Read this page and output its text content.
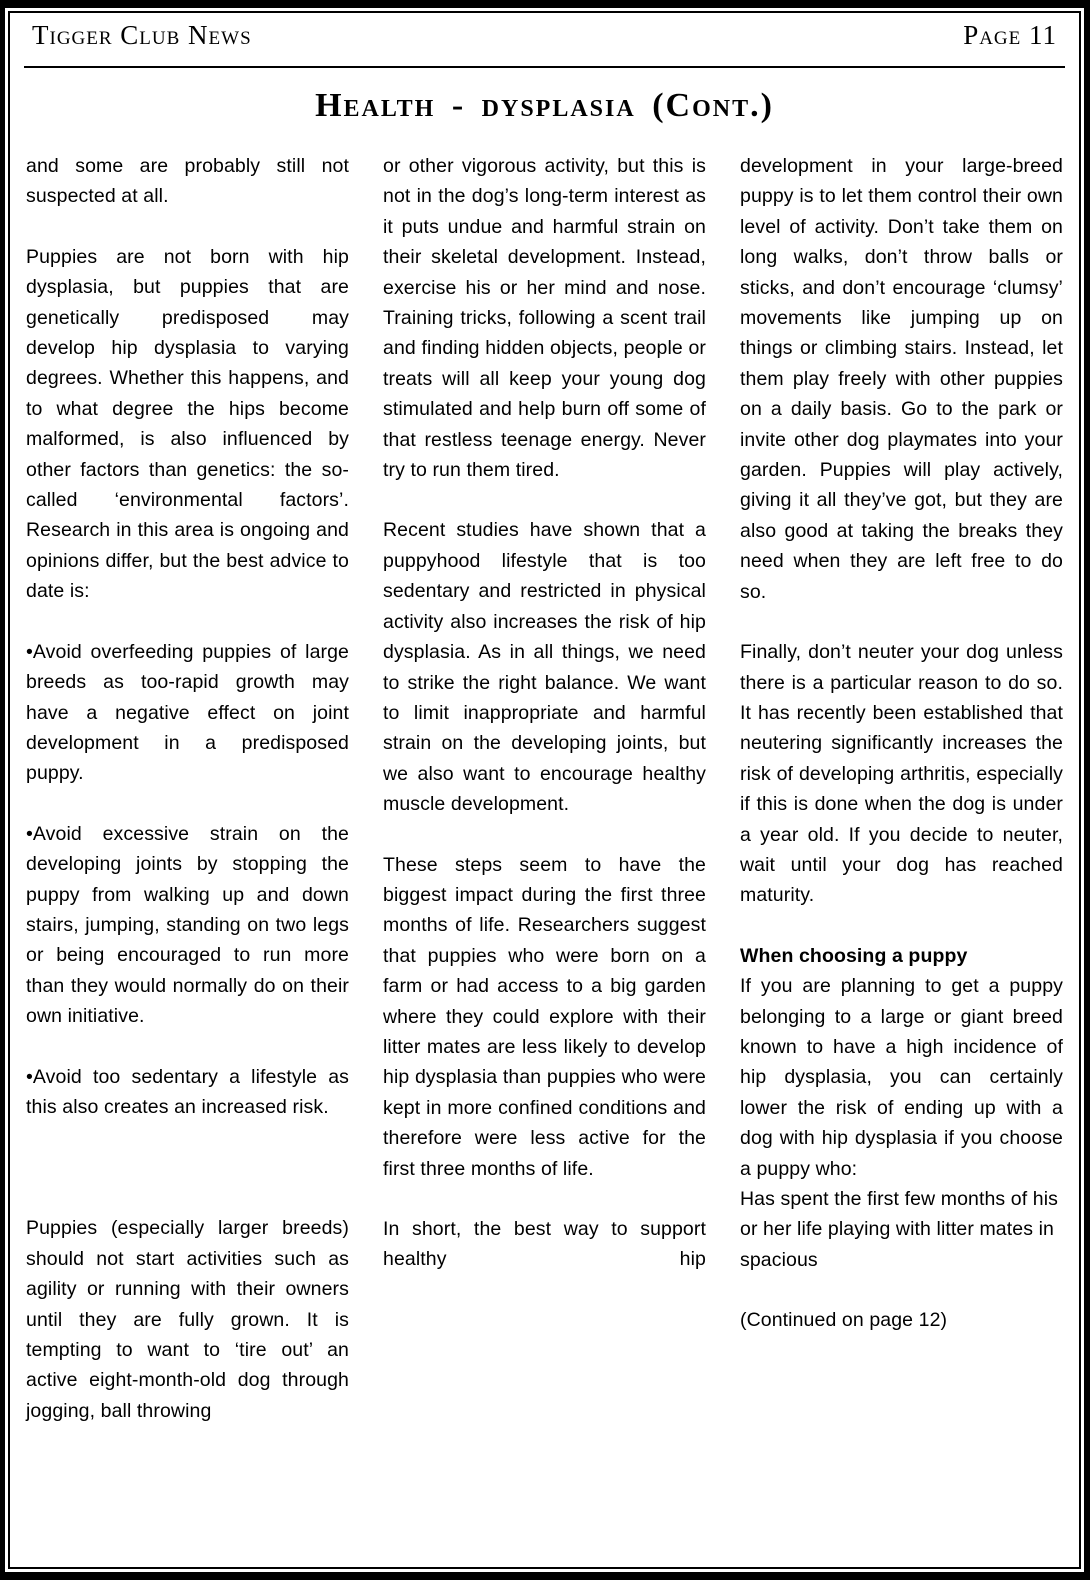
Tigger Club News	Page 11
Health - dysplasia (Cont.)

and some are probably still not suspected at all.

Puppies are not born with hip dysplasia, but puppies that are genetically predisposed may develop hip dysplasia to varying degrees. Whether this happens, and to what degree the hips become malformed, is also influenced by other factors than genetics: the so-called ‘environmental factors’. Research in this area is ongoing and opinions differ, but the best advice to date is:

•Avoid overfeeding puppies of large breeds as too-rapid growth may have a negative effect on joint development in a predisposed puppy.

•Avoid excessive strain on the developing joints by stopping the puppy from walking up and down stairs, jumping, standing on two legs or being encouraged to run more than they would normally do on their own initiative.

•Avoid too sedentary a lifestyle as this also creates an increased risk.

Puppies (especially larger breeds) should not start activities such as agility or running with their owners until they are fully grown. It is tempting to want to ‘tire out’ an active eight-month-old dog through jogging, ball throwing

or other vigorous activity, but this is not in the dog’s long-term interest as it puts undue and harmful strain on their skeletal development. Instead, exercise his or her mind and nose. Training tricks, following a scent trail and finding hidden objects, people or treats will all keep your young dog stimulated and help burn off some of that restless teenage energy. Never try to run them tired.

Recent studies have shown that a puppyhood lifestyle that is too sedentary and restricted in physical activity also increases the risk of hip dysplasia. As in all things, we need to strike the right balance. We want to limit inappropriate and harmful strain on the developing joints, but we also want to encourage healthy muscle development.

These steps seem to have the biggest impact during the first three months of life. Researchers suggest that puppies who were born on a farm or had access to a big garden where they could explore with their litter mates are less likely to develop hip dysplasia than puppies who were kept in more confined conditions and therefore were less active for the first three months of life.

In short, the best way to support healthy hip

development in your large-breed puppy is to let them control their own level of activity. Don’t take them on long walks, don’t throw balls or sticks, and don’t encourage ‘clumsy’ movements like jumping up on things or climbing stairs. Instead, let them play freely with other puppies on a daily basis. Go to the park or invite other dog playmates into your garden. Puppies will play actively, giving it all they’ve got, but they are also good at taking the breaks they need when they are left free to do so.

Finally, don’t neuter your dog unless there is a particular reason to do so. It has recently been established that neutering significantly increases the risk of developing arthritis, especially if this is done when the dog is under a year old. If you decide to neuter, wait until your dog has reached maturity.

When choosing a puppy

If you are planning to get a puppy belonging to a large or giant breed known to have a high incidence of hip dysplasia, you can certainly lower the risk of ending up with a dog with hip dysplasia if you choose a puppy who:

Has spent the first few months of his or her life playing with litter mates in spacious

(Continued on page 12)
